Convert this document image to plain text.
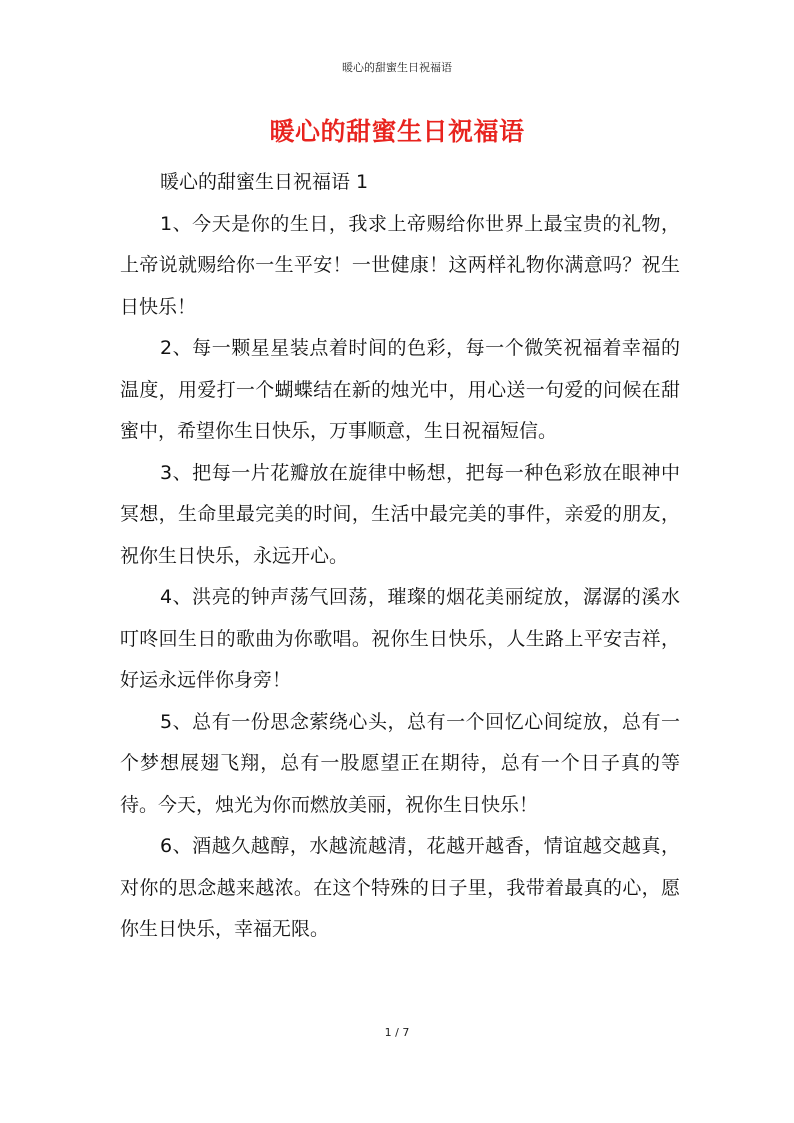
暖心的甜蜜生日祝福语
暖心的甜蜜生日祝福语

暖心的甜蜜生日祝福语 1

1、今天是你的生日，我求上帝赐给你世界上最宝贵的礼物，上帝说就赐给你一生平安！一世健康！这两样礼物你满意吗？祝生日快乐！

2、每一颗星星装点着时间的色彩，每一个微笑祝福着幸福的温度，用爱打一个蝴蝶结在新的烛光中，用心送一句爱的问候在甜蜜中，希望你生日快乐，万事顺意，生日祝福短信。

3、把每一片花瓣放在旋律中畅想，把每一种色彩放在眼神中冥想，生命里最完美的时间，生活中最完美的事件，亲爱的朋友，祝你生日快乐，永远开心。

4、洪亮的钟声荡气回荡，璀璨的烟花美丽绽放，潺潺的溪水叮咚回生日的歌曲为你歌唱。祝你生日快乐，人生路上平安吉祥，好运永远伴你身旁！

5、总有一份思念萦绕心头，总有一个回忆心间绽放，总有一个梦想展翅飞翔，总有一股愿望正在期待，总有一个日子真的等待。今天，烛光为你而燃放美丽，祝你生日快乐！

6、酒越久越醇，水越流越清，花越开越香，情谊越交越真，对你的思念越来越浓。在这个特殊的日子里，我带着最真的心，愿你生日快乐，幸福无限。

1 / 7
